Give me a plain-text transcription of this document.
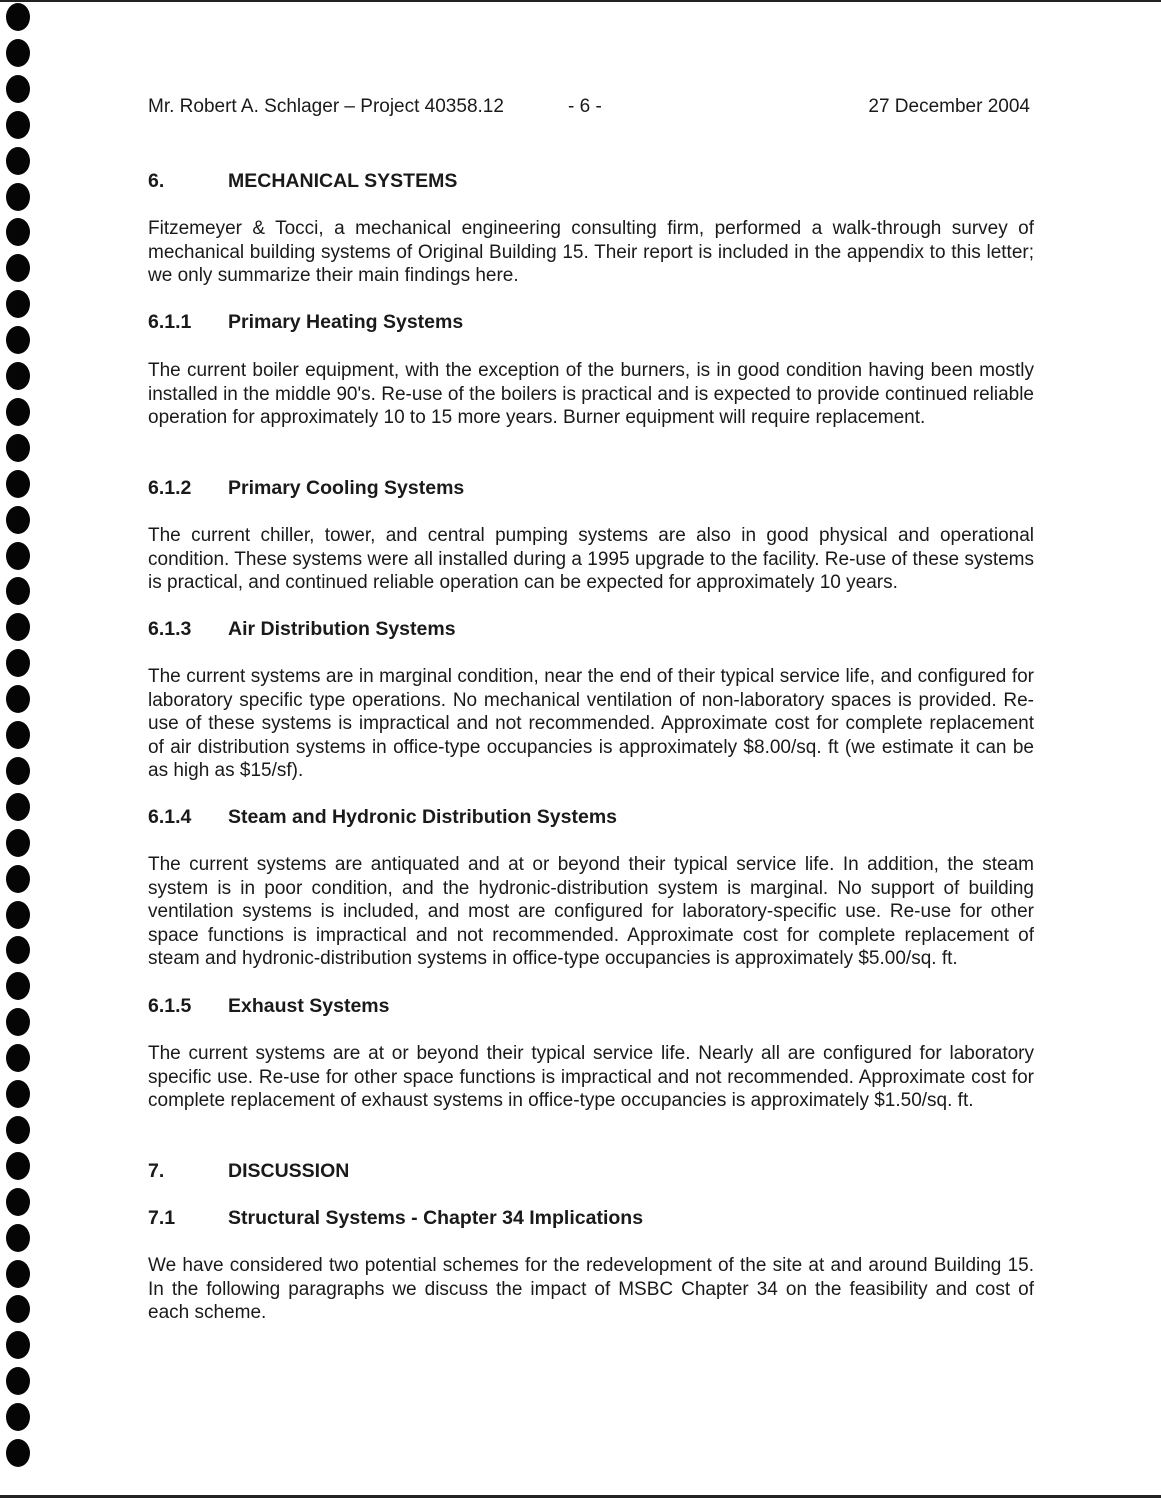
Mr. Robert A. Schlager – Project 40358.12	- 6 -	27 December 2004
6.	MECHANICAL SYSTEMS

Fitzemeyer & Tocci, a mechanical engineering consulting firm, performed a walk-through survey of mechanical building systems of Original Building 15. Their report is included in the appendix to this letter; we only summarize their main findings here.

6.1.1 Primary Heating Systems

The current boiler equipment, with the exception of the burners, is in good condition having been mostly installed in the middle 90's. Re-use of the boilers is practical and is expected to provide continued reliable operation for approximately 10 to 15 more years. Burner equipment will require replacement.

6.1.2 Primary Cooling Systems

The current chiller, tower, and central pumping systems are also in good physical and operational condition. These systems were all installed during a 1995 upgrade to the facility. Re-use of these systems is practical, and continued reliable operation can be expected for approximately 10 years.

6.1.3 Air Distribution Systems

The current systems are in marginal condition, near the end of their typical service life, and configured for laboratory specific type operations. No mechanical ventilation of non-laboratory spaces is provided. Re-use of these systems is impractical and not recommended. Approximate cost for complete replacement of air distribution systems in office-type occupancies is approximately $8.00/sq. ft (we estimate it can be as high as $15/sf).

6.1.4 Steam and Hydronic Distribution Systems

The current systems are antiquated and at or beyond their typical service life. In addition, the steam system is in poor condition, and the hydronic-distribution system is marginal. No support of building ventilation systems is included, and most are configured for laboratory-specific use. Re-use for other space functions is impractical and not recommended. Approximate cost for complete replacement of steam and hydronic-distribution systems in office-type occupancies is approximately $5.00/sq. ft.

6.1.5 Exhaust Systems

The current systems are at or beyond their typical service life. Nearly all are configured for laboratory specific use. Re-use for other space functions is impractical and not recommended. Approximate cost for complete replacement of exhaust systems in office-type occupancies is approximately $1.50/sq. ft.

7.	DISCUSSION
7.1	Structural Systems - Chapter 34 Implications

We have considered two potential schemes for the redevelopment of the site at and around Building 15. In the following paragraphs we discuss the impact of MSBC Chapter 34 on the feasibility and cost of each scheme.
